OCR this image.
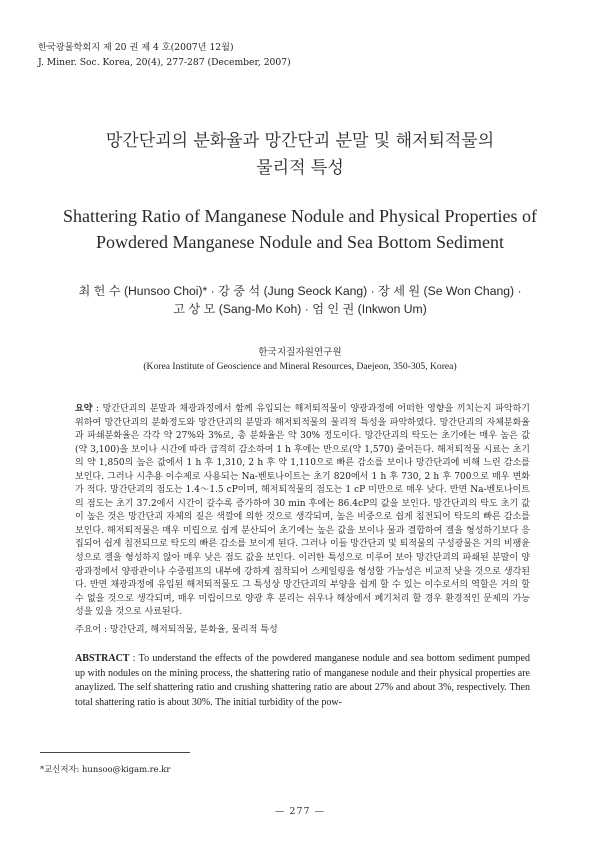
한국광물학회지 제 20 권 제 4 호(2007년 12월)
J. Miner. Soc. Korea, 20(4), 277-287 (December, 2007)
망간단괴의 분화율과 망간단괴 분말 및 해저퇴적물의
물리적 특성
Shattering Ratio of Manganese Nodule and Physical Properties of
Powdered Manganese Nodule and Sea Bottom Sediment
최 헌 수 (Hunsoo Choi)* · 강 중 석 (Jung Seock Kang) · 장 세 원 (Se Won Chang) ·
고 상 모 (Sang-Mo Koh) · 엄 인 권 (Inkwon Um)
한국지질자원연구원
(Korea Institute of Geoscience and Mineral Resources, Daejeon, 350-305, Korea)
요약 : 망간단괴의 분말과 채광과정에서 함께 유입되는 해저퇴적물이 양광과정에 어떠한 영향을 끼치는지 파악하기 위하여 망간단괴의 분화정도와 망간단괴의 분말과 해저퇴적물의 물리적 특성을 파악하였다. 망간단괴의 자체분화율과 파쇄분화율은 각각 약 27%와 3%로, 총 분화율은 약 30% 정도이다. 망간단괴의 탁도는 초기에는 매우 높은 값(약 3,100)을 보이나 시간에 따라 급격히 감소하여 1 h 후에는 반으로(약 1,570) 줄어든다. 해저퇴적물 시료는 초기의 약 1,850의 높은 값에서 1 h 후 1,310, 2 h 후 약 1,110으로 빠른 감소를 보이나 망간단괴에 비해 느린 감소를 보인다. 그러나 시추용 이수제로 사용되는 Na-벤토나이트는 초기 820에서 1 h 후 730, 2 h 후 700으로 매우 변화가 적다. 망간단괴의 점도는 1.4～1.5 cP이며, 해저퇴적물의 점도는 1 cP 미만으로 매우 낮다. 반면 Na-벤토나이트의 점도는 초기 37.2에서 시간이 갈수록 증가하여 30 min 후에는 86.4cP의 값을 보인다. 망간단괴의 탁도 초기 값이 높은 것은 망간단괴 자체의 짙은 색깔에 의한 것으로 생각되며, 높은 비중으로 쉽게 침전되어 탁도의 빠른 감소를 보인다. 해저퇴적물은 매우 미립으로 쉽게 분산되어 초기에는 높은 값을 보이나 물과 결합하여 겔을 형성하기보다 응집되어 쉽게 침전되므로 탁도의 빠른 감소를 보이게 된다. 그러나 이들 망간단괴 및 퇴적물의 구성광물은 거의 비팽윤성으로 겔을 형성하지 않아 매우 낮은 점도 값을 보인다. 이러한 특성으로 미루어 보아 망간단괴의 파쇄된 분말이 양광과정에서 양광관이나 수중펌프의 내부에 강하게 점착되어 스케일링을 형성할 가능성은 비교적 낮을 것으로 생각된다. 반면 채광과정에 유입된 해저퇴적물도 그 특성상 망간단괴의 부양을 쉽게 할 수 있는 이수로서의 역할은 거의 할 수 없을 것으로 생각되며, 매우 미립이므로 양광 후 분리는 쉬우나 해상에서 폐기처리 할 경우 환경적인 문제의 가능성을 있을 것으로 사료된다.
주요어 : 망간단괴, 해저퇴적물, 분화율, 물리적 특성
ABSTRACT : To understand the effects of the powdered manganese nodule and sea bottom sediment pumped up with nodules on the mining process, the shattering ratio of manganese nodule and their physical properties are anaylized. The self shattering ratio and crushing shattering ratio are about 27% and about 3%, respectively. Then total shattering ratio is about 30%. The initial turbidity of the pow-
*교신저자: hunsoo@kigam.re.kr
— 277 —
